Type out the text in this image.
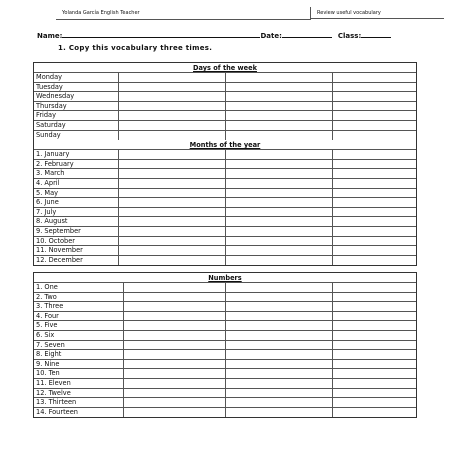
Yolanda García English Teacher	Review useful vocabulary
Name:	Date:	Class:
1. Copy this vocabulary three times.
Days of the week
Monday
Tuesday
Wednesday
Thursday
Friday
Saturday
Sunday
Months of the year
1. January
2. February
3. March
4. April
5. May
6. June
7. July
8. August
9. September
10. October
11. November
12. December
Numbers
1. One
2. Two
3. Three
4. Four
5. Five
6. Six
7. Seven
8. Eight
9. Nine
10. Ten
11. Eleven
12. Twelve
13. Thirteen
14. Fourteen
